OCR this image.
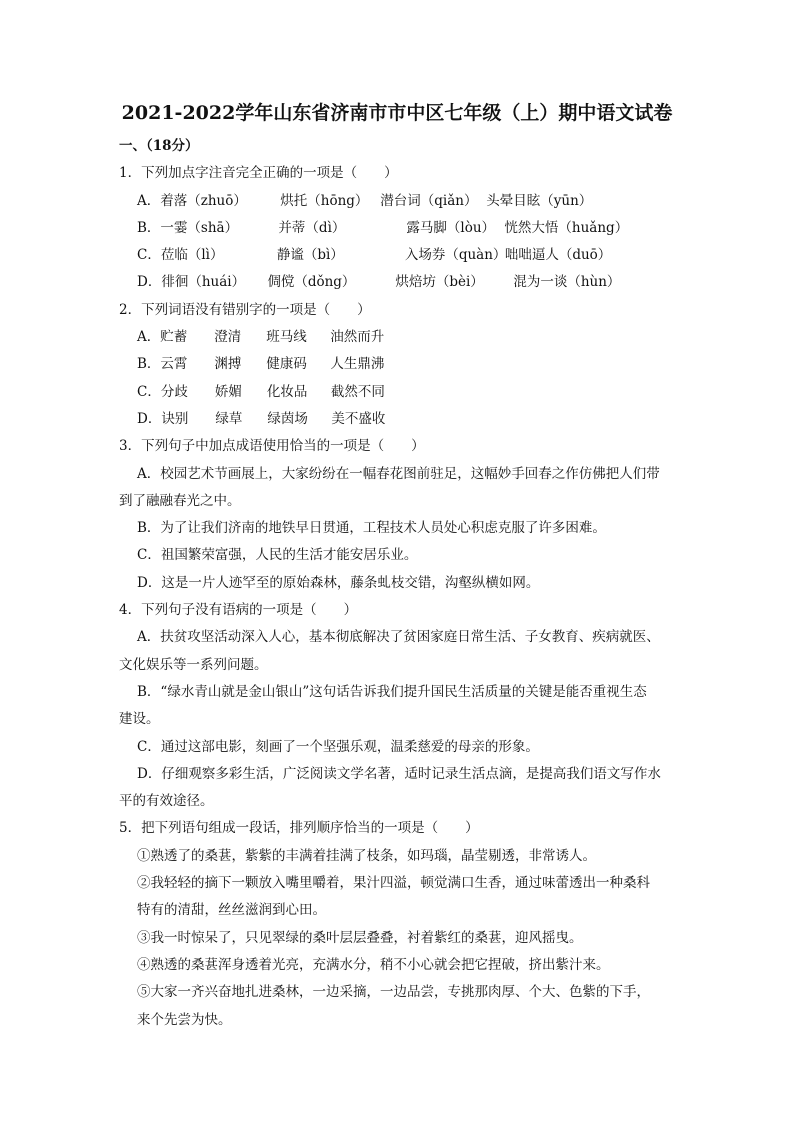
2021-2022学年山东省济南市市中区七年级（上）期中语文试卷
一、（18分）
1．下列加点字注音完全正确的一项是（　　）
A．着落（zhuō） 烘托（hōng） 潜台词（qiǎn） 头晕目眩（yūn）
B．一霎（shā）	并蒂（dì）	露马脚（lòu） 恍然大悟（huǎng）
C．莅临（lì）	静谧（bì）	入场券（quàn）咄咄逼人（duō）
D．徘徊（huái） 倜傥（dǒng）	烘焙坊（bèi） 混为一谈（hùn）
2．下列词语没有错别字的一项是（　　）
A．贮蓄 澄清 班马线 油然而升
B．云霄 渊搏 健康码 人生鼎沸
C．分歧 娇媚 化妆品 截然不同
D．诀别 绿草 绿茵场 美不盛收
3．下列句子中加点成语使用恰当的一项是（　　）
A．校园艺术节画展上，大家纷纷在一幅春花图前驻足，这幅妙手回春之作仿佛把人们带
到了融融春光之中。
B．为了让我们济南的地铁早日贯通，工程技术人员处心积虑克服了许多困难。
C．祖国繁荣富强，人民的生活才能安居乐业。
D．这是一片人迹罕至的原始森林，藤条虬枝交错，沟壑纵横如网。
4．下列句子没有语病的一项是（　　）
A．扶贫攻坚活动深入人心，基本彻底解决了贫困家庭日常生活、子女教育、疾病就医、
文化娱乐等一系列问题。
B．“绿水青山就是金山银山”这句话告诉我们提升国民生活质量的关键是能否重视生态
建设。
C．通过这部电影，刻画了一个坚强乐观，温柔慈爱的母亲的形象。
D．仔细观察多彩生活，广泛阅读文学名著，适时记录生活点滴，是提高我们语文写作水
平的有效途径。
5．把下列语句组成一段话，排列顺序恰当的一项是（　　）
①熟透了的桑葚，紫紫的丰满着挂满了枝条，如玛瑙，晶莹剔透，非常诱人。
②我轻轻的摘下一颗放入嘴里嚼着，果汁四溢，顿觉满口生香，通过味蕾透出一种桑科
特有的清甜，丝丝滋润到心田。
③我一时惊呆了，只见翠绿的桑叶层层叠叠，衬着紫红的桑葚，迎风摇曳。
④熟透的桑葚浑身透着光亮，充满水分，稍不小心就会把它捏破，挤出紫汁来。
⑤大家一齐兴奋地扎进桑林，一边采摘，一边品尝，专挑那肉厚、个大、色紫的下手，
来个先尝为快。
